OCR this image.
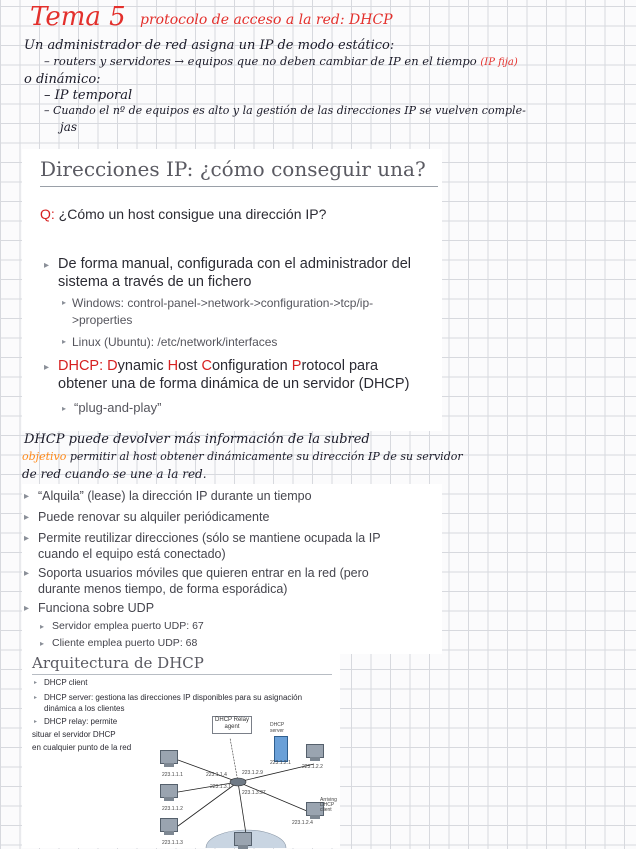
Tema 5 protocolo de acceso a la red: DHCP
Un administrador de red asigna un IP de modo estático:
– routers y servidores → equipos que no deben cambiar de IP en el tiempo (IP fija)
o dinámico:
– IP temporal
– Cuando el nº de equipos es alto y la gestión de las direcciones IP se vuelven comple-
jas
Direcciones IP: ¿cómo conseguir una?
Q: ¿Cómo un host consigue una dirección IP?
▸ De forma manual, configurada con el administrador del
sistema a través de un fichero
▸ Windows: control-panel->network->configuration->tcp/ip-
>properties
▸ Linux (Ubuntu): /etc/network/interfaces
▸ DHCP: Dynamic Host Configuration Protocol para
obtener una de forma dinámica de un servidor (DHCP)
▸ “plug-and-play”
DHCP puede devolver más información de la subred
objetivo permitir al host obtener dinámicamente su dirección IP de su servidor
de red cuando se une a la red.
▸ “Alquila” (lease) la dirección IP durante un tiempo
▸ Puede renovar su alquiler periódicamente
▸ Permite reutilizar direcciones (sólo se mantiene ocupada la IP
cuando el equipo está conectado)
▸ Soporta usuarios móviles que quieren entrar en la red (pero
durante menos tiempo, de forma esporádica)
▸ Funciona sobre UDP
▸ Servidor emplea puerto UDP: 67
▸ Cliente emplea puerto UDP: 68
Arquitectura de DHCP
▸ DHCP client
▸ DHCP server: gestiona las direcciones IP disponibles para su asignación
dinámica a los clientes
▸ DHCP relay: permite
situar el servidor DHCP
en cualquier punto de la red
DHCP Relay agent	DHCP server
223.1.1.1
223.1.1.2
223.1.1.3
223.1.1.4
223.1.2.1
223.1.2.9
223.1.2.2
223.1.3.27
223.1.2.4
223.1.3.1
Arriving DHCP client
